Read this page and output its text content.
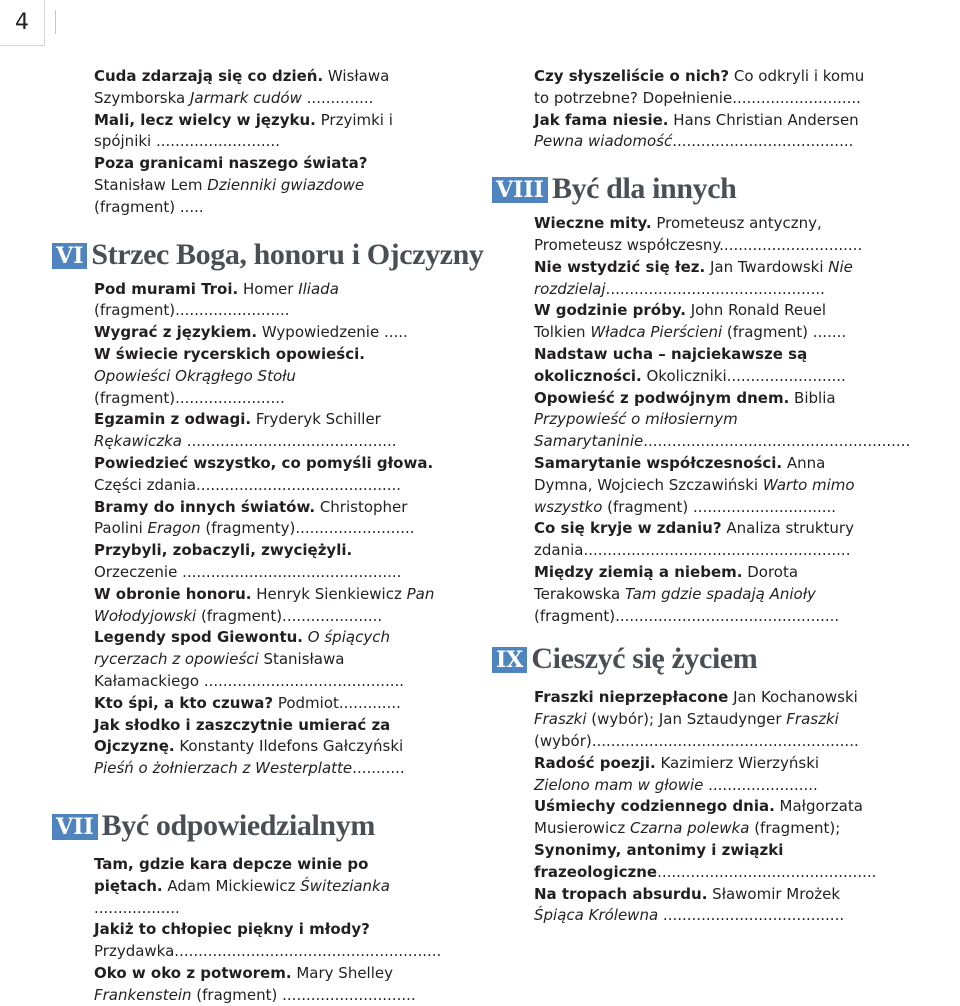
4

Cuda zdarzają się co dzień. Wisława Szymborska Jarmark cudów ..............

Mali, lecz wielcy w języku. Przyimki i spójniki ..........................

Poza granicami naszego świata? Stanisław Lem Dzienniki gwiazdowe (fragment) .....

VI Strzec Boga, honoru i Ojczyzny

Pod murami Troi. Homer Iliada (fragment)........................

Wygrać z językiem. Wypowiedzenie .....

W świecie rycerskich opowieści. Opowieści Okrągłego Stołu (fragment).......................

Egzamin z odwagi. Fryderyk Schiller Rękawiczka ............................................

Powiedzieć wszystko, co pomyśli głowa. Części zdania...........................................

Bramy do innych światów. Christopher Paolini Eragon (fragmenty).........................

Przybyli, zobaczyli, zwyciężyli. Orzeczenie ..............................................

W obronie honoru. Henryk Sienkiewicz Pan Wołodyjowski (fragment).....................

Legendy spod Giewontu. O śpiących rycerzach z opowieści Stanisława Kałamackiego ..........................................

Kto śpi, a kto czuwa? Podmiot.............

Jak słodko i zaszczytnie umierać za Ojczyznę. Konstanty Ildefons Gałczyński Pieśń o żołnierzach z Westerplatte...........

VII Być odpowiedzialnym

Tam, gdzie kara depcze winie po piętach. Adam Mickiewicz Świtezianka ..................

Jakiż to chłopiec piękny i młody? Przydawka........................................................

Oko w oko z potworem. Mary Shelley Frankenstein (fragment) ............................

Czy słyszeliście o nich? Co odkryli i komu to potrzebne? Dopełnienie...........................

Jak fama niesie. Hans Christian Andersen Pewna wiadomość......................................

VIII Być dla innych

Wieczne mity. Prometeusz antyczny, Prometeusz współczesny..............................

Nie wstydzić się łez. Jan Twardowski Nie rozdzielaj..............................................

W godzinie próby. John Ronald Reuel Tolkien Władca Pierścieni (fragment) .......

Nadstaw ucha – najciekawsze są okoliczności. Okoliczniki.........................

Opowieść z podwójnym dnem. Biblia Przypowieść o miłosiernym Samarytaninie........................................................

Samarytanie współczesności. Anna Dymna, Wojciech Szczawiński Warto mimo wszystko (fragment) ..............................

Co się kryje w zdaniu? Analiza struktury zdania........................................................

Między ziemią a niebem. Dorota Terakowska Tam gdzie spadają Anioły (fragment)...............................................

IX Cieszyć się życiem

Fraszki nieprzepłacone Jan Kochanowski Fraszki (wybór); Jan Sztaudynger Fraszki (wybór)........................................................

Radość poezji. Kazimierz Wierzyński Zielono mam w głowie .......................

Uśmiechy codziennego dnia. Małgorzata Musierowicz Czarna polewka (fragment); Synonimy, antonimy i związki frazeologiczne..............................................

Na tropach absurdu. Sławomir Mrożek Śpiąca Królewna ......................................
